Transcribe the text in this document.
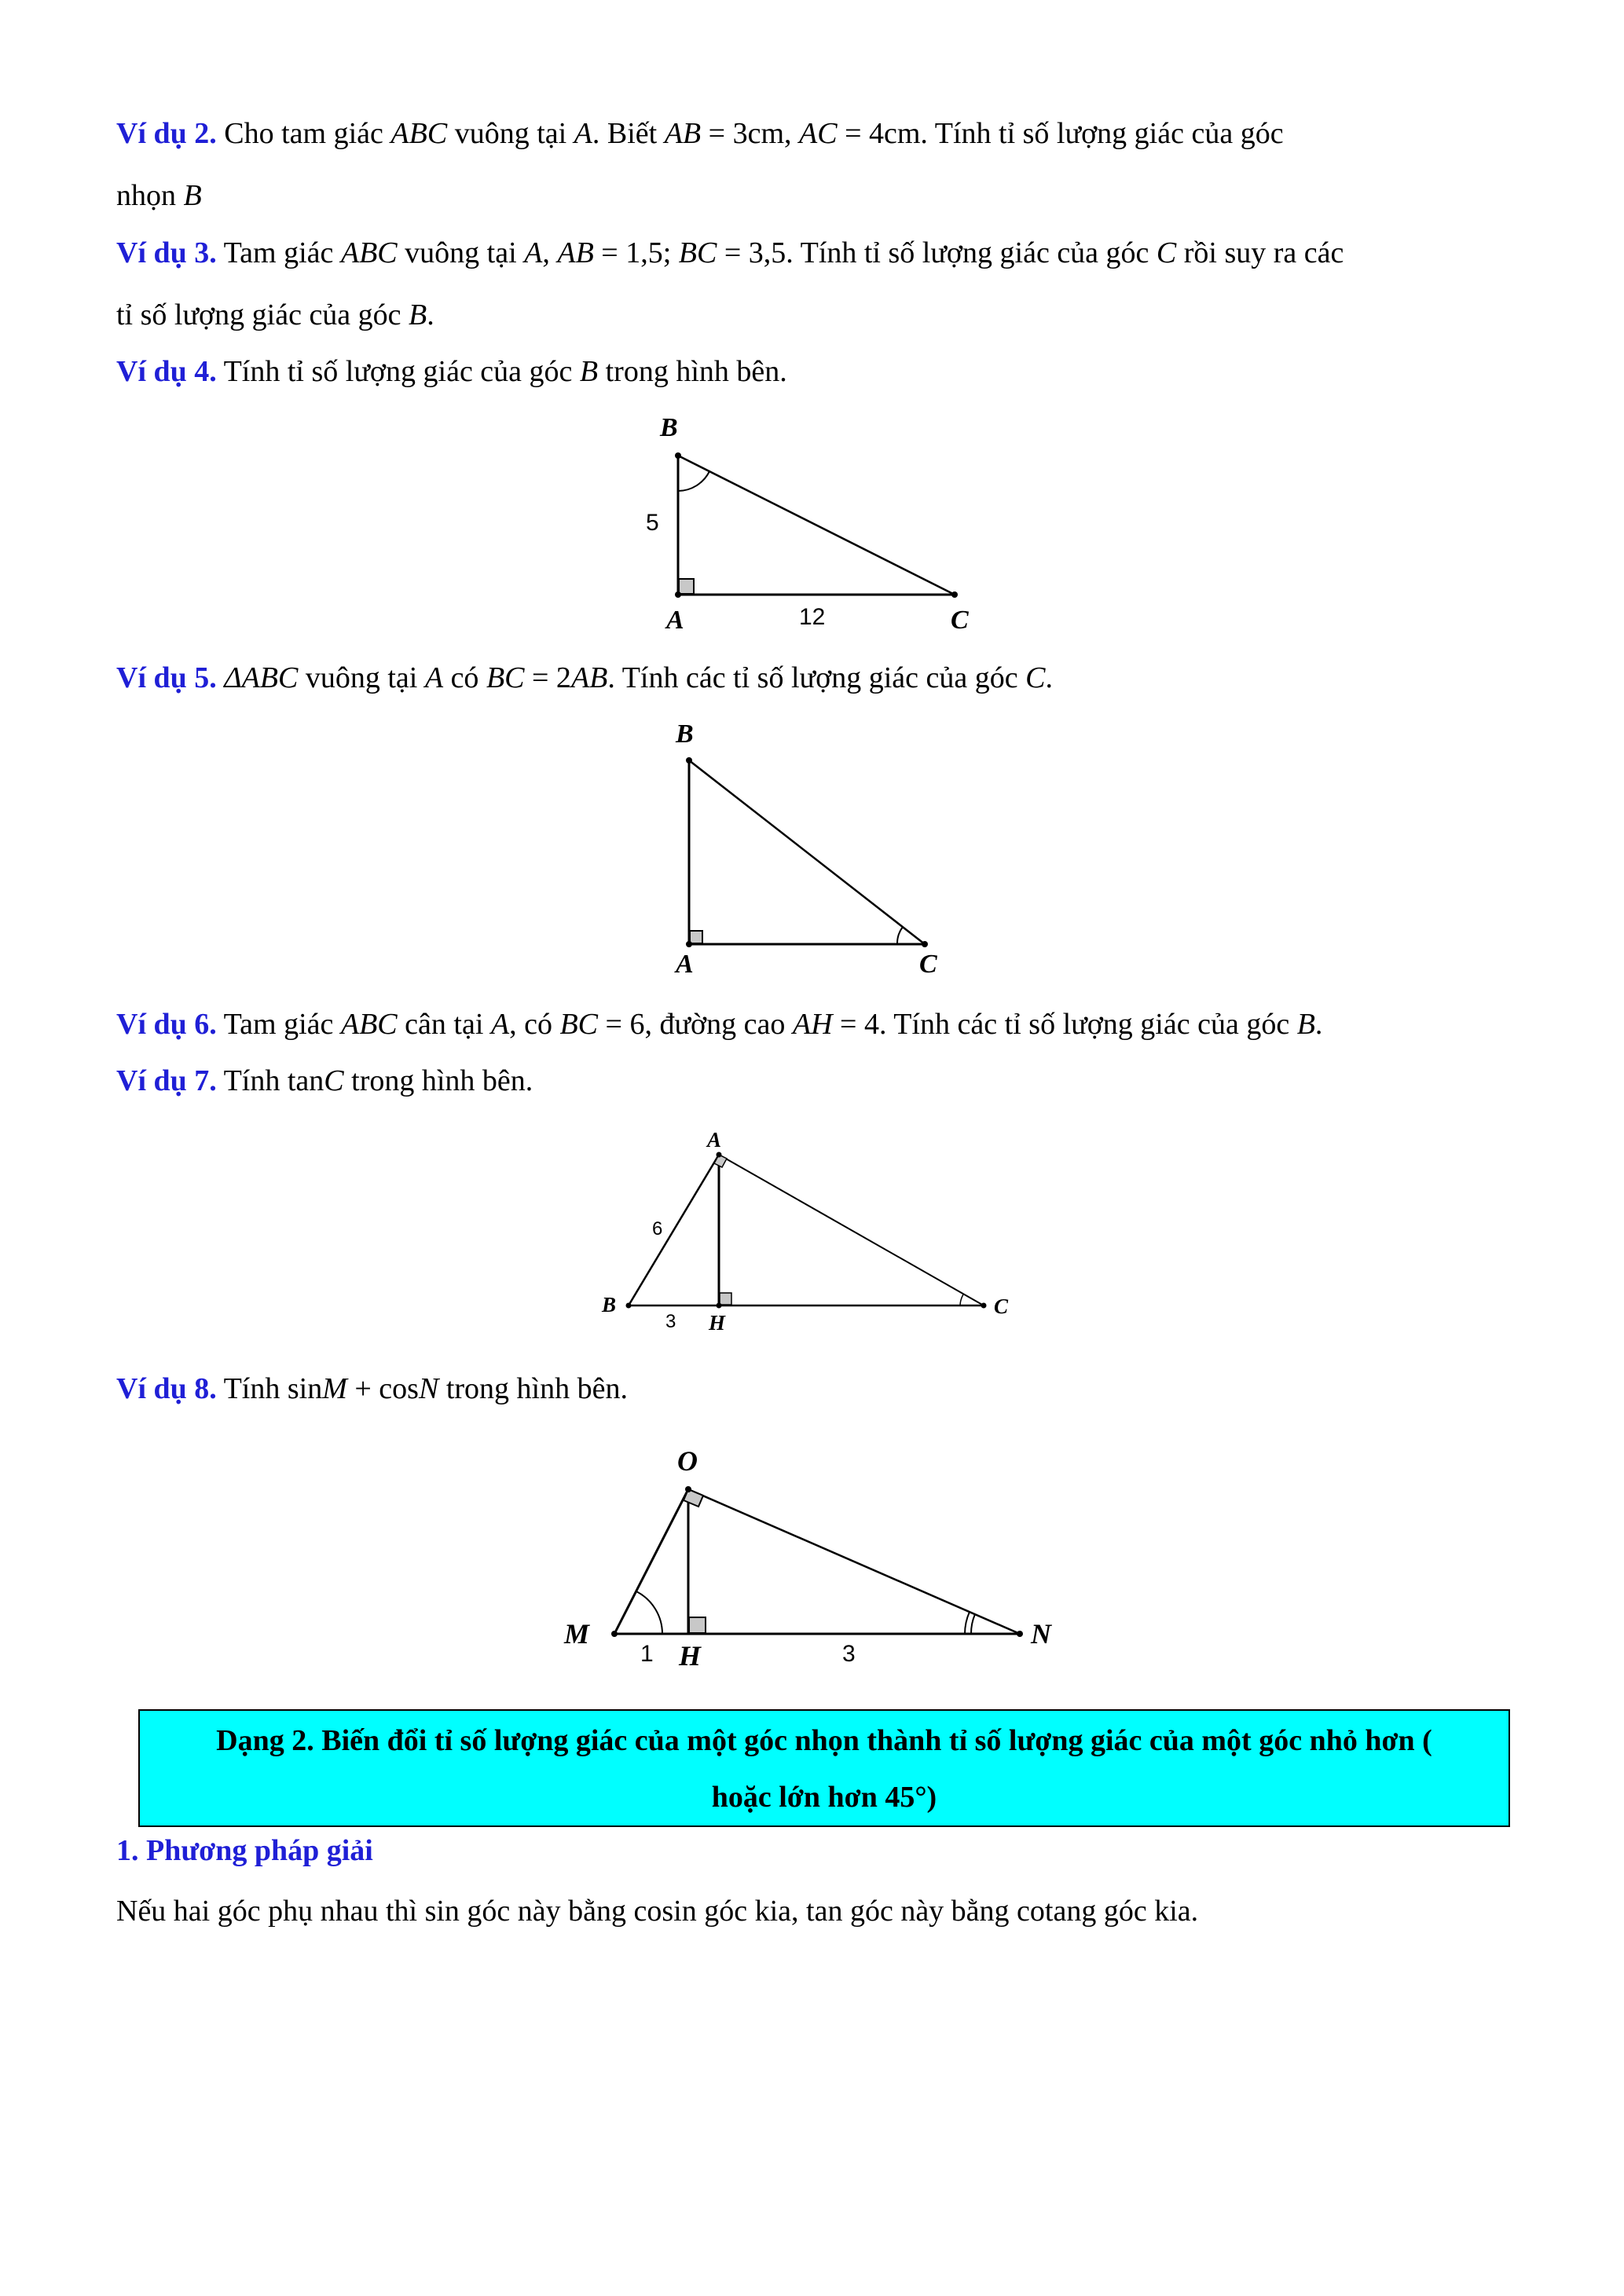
Ví dụ 2. Cho tam giác ABC vuông tại A. Biết AB = 3cm, AC = 4cm. Tính tỉ số lượng giác của góc
nhọn B
Ví dụ 3. Tam giác ABC vuông tại A, AB = 1,5; BC = 3,5. Tính tỉ số lượng giác của góc C rồi suy ra các
tỉ số lượng giác của góc B.
Ví dụ 4. Tính tỉ số lượng giác của góc B trong hình bên.
B
A	C
5
12
Ví dụ 5. ΔABC vuông tại A có BC = 2AB. Tính các tỉ số lượng giác của góc C.
B
A	C
Ví dụ 6. Tam giác ABC cân tại A, có BC = 6, đường cao AH = 4. Tính các tỉ số lượng giác của góc B.
Ví dụ 7. Tính tanC trong hình bên.
A
B	C
H
6
3
Ví dụ 8. Tính sinM + cosN trong hình bên.
O
M	N
H
1	3
Dạng 2. Biến đổi tỉ số lượng giác của một góc nhọn thành tỉ số lượng giác của một góc nhỏ hơn (
hoặc lớn hơn 45°)
1. Phương pháp giải
Nếu hai góc phụ nhau thì sin góc này bằng cosin góc kia, tan góc này bằng cotang góc kia.
